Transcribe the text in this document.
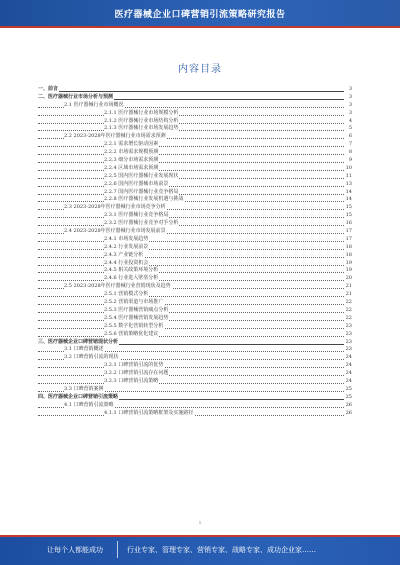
医疗器械企业口碑营销引流策略研究报告
内容目录
一、前言	3
二、医疗器械行业市场分析与预测	3
2.1 医疗器械行业市场概况	3
2.1.1 医疗器械行业市场规模分析	3
2.1.2 医疗器械行业市场结构分析	4
2.1.3 医疗器械行业市场发展趋势	5
2.2 2023-2028年医疗器械行业市场需求预测	6
2.2.1 需求增长驱动因素	7
2.2.2 市场需求规模预测	8
2.2.3 细分市场需求预测	9
2.2.4 区域市场需求预测	10
2.2.5 国内医疗器械行业发展现状	11
2.2.6 国内医疗器械市场前景	13
2.2.7 国内医疗器械行业竞争格局	14
2.2.8 医疗器械行业发展机遇与挑战	14
2.3 2023-2028年医疗器械行业市场竞争分析	15
2.3.1 医疗器械行业竞争格局	15
2.3.2 医疗器械行业竞争对手分析	16
2.4 2023-2028年医疗器械行业市场发展前景	17
2.4.1 市场发展趋势	17
2.4.2 行业发展前景	18
2.4.3 产业链分析	18
2.4.4 行业投资机会	19
2.4.5 相关政策环境分析	19
2.4.6 行业进入壁垒分析	20
2.5 2023-2028年医疗器械行业营销现状及趋势	21
2.5.1 营销模式分析	21
2.5.2 营销渠道与市场推广	22
2.5.3 医疗器械营销痛点分析	22
2.5.4 医疗器械营销发展趋势	22
2.5.5 数字化营销转型分析	23
2.5.6 营销策略优化建议	23
三、医疗器械企业口碑营销现状分析	23
3.1 口碑营销概述	23
3.2 口碑营销引流的现状	24
3.2.1 口碑营销引流的优势	24
3.2.2 口碑营销引流存在问题	24
3.2.3 口碑营销引流策略	24
3.3 口碑营销案例	25
四、医疗器械企业口碑营销引流策略	25
4.1 口碑营销引流策略	26
4.1.1 口碑营销引流策略框架及实施路径	26
1
让每个人都能成功	行业专家、管理专家、营销专家、战略专家、成功企业家……
